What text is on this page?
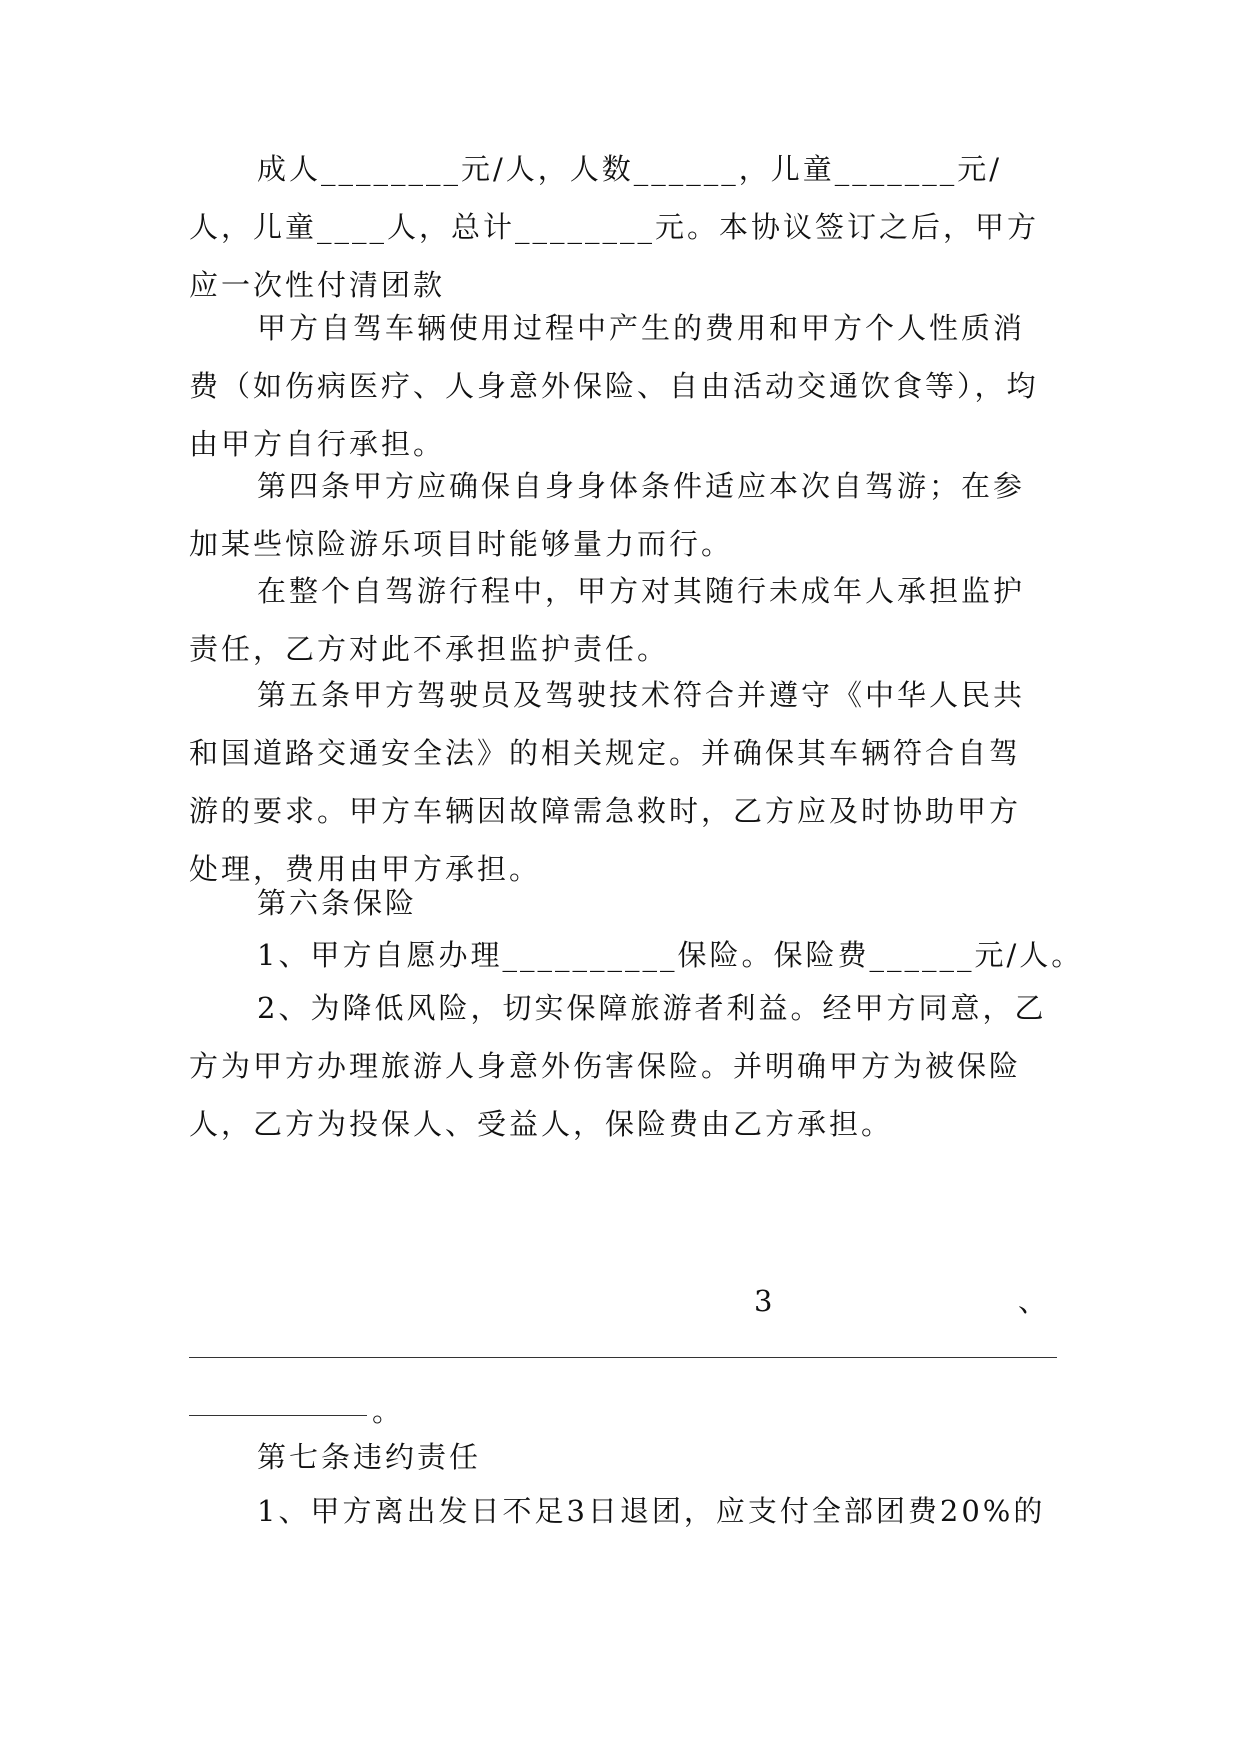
成人________元/人，人数______，儿童_______元/人，儿童____人，总计________元。本协议签订之后，甲方应一次性付清团款
甲方自驾车辆使用过程中产生的费用和甲方个人性质消费（如伤病医疗、人身意外保险、自由活动交通饮食等），均由甲方自行承担。
第四条甲方应确保自身身体条件适应本次自驾游；在参加某些惊险游乐项目时能够量力而行。
在整个自驾游行程中，甲方对其随行未成年人承担监护责任，乙方对此不承担监护责任。
第五条甲方驾驶员及驾驶技术符合并遵守《中华人民共和国道路交通安全法》的相关规定。并确保其车辆符合自驾游的要求。甲方车辆因故障需急救时，乙方应及时协助甲方处理，费用由甲方承担。
第六条保险
1、甲方自愿办理__________保险。保险费______元/人。
2、为降低风险，切实保障旅游者利益。经甲方同意，乙方为甲方办理旅游人身意外伤害保险。并明确甲方为被保险人，乙方为投保人、受益人，保险费由乙方承担。
3	、
。
第七条违约责任
1、甲方离出发日不足3日退团，应支付全部团费20%的
